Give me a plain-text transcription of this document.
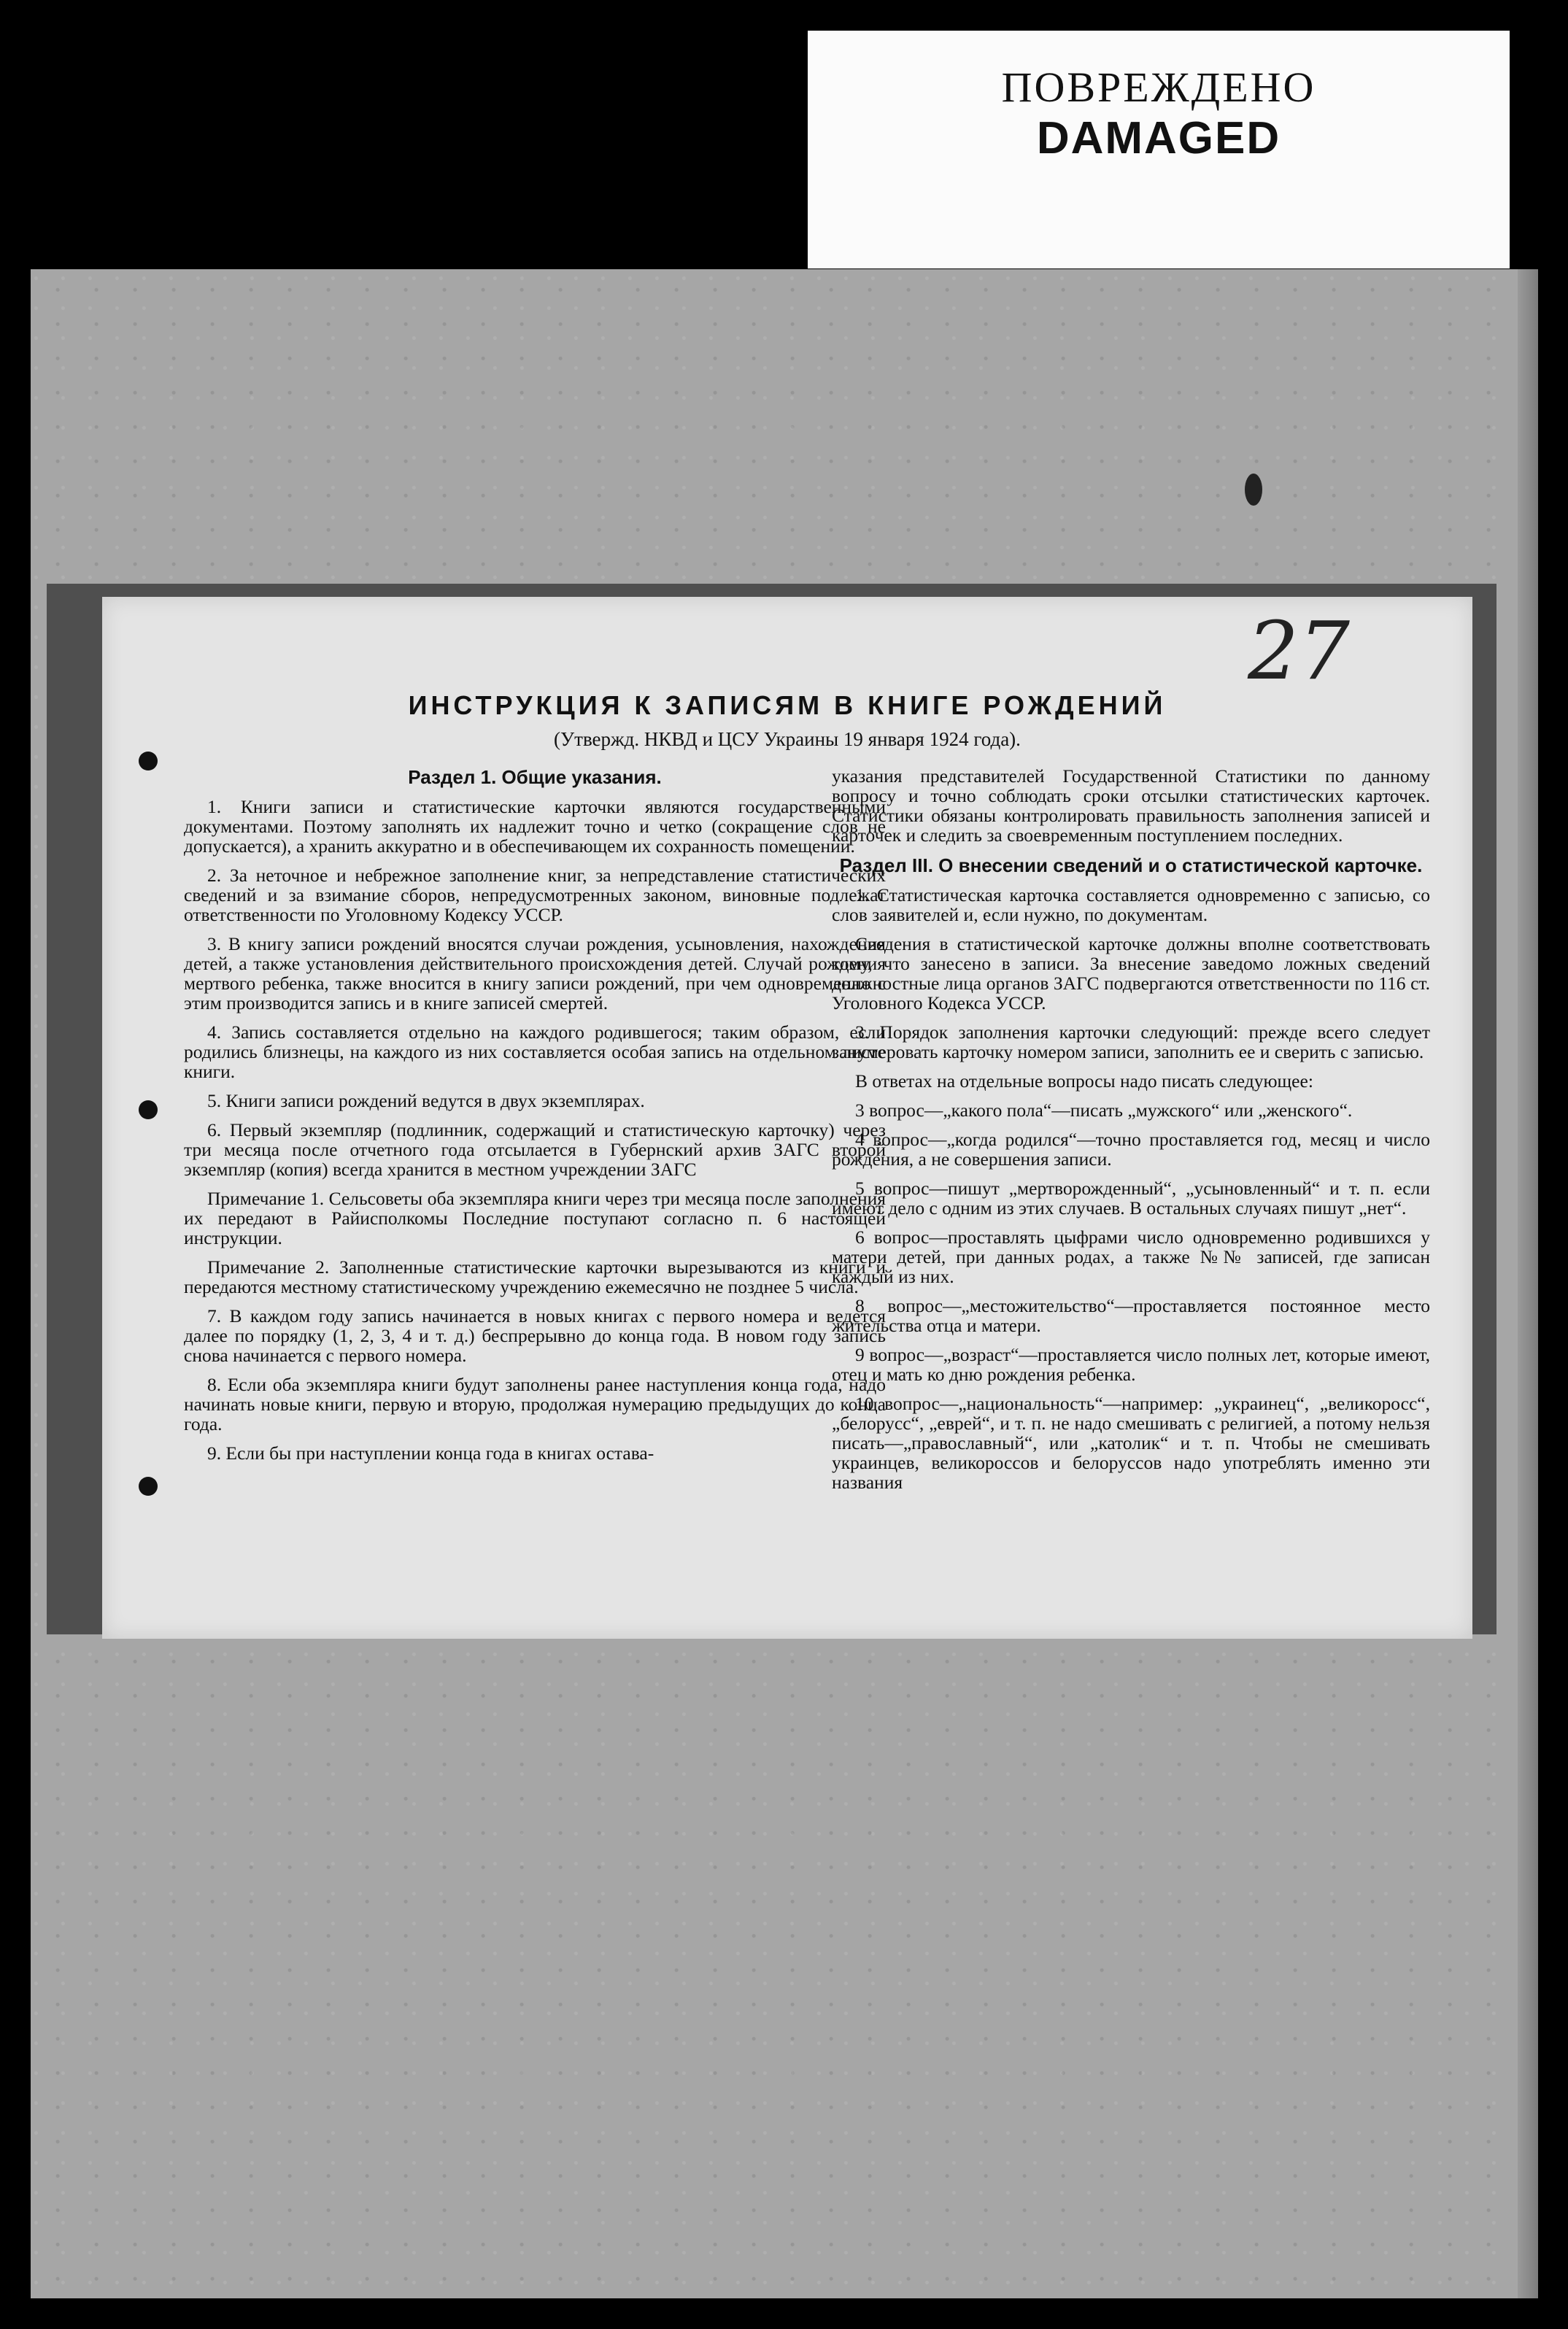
ПОВРЕЖДЕНО
DAMAGED
27
ИНСТРУКЦИЯ К ЗАПИСЯМ В КНИГЕ РОЖДЕНИЙ
(Утвержд. НКВД и ЦСУ Украины 19 января 1924 года).
Раздел 1. Общие указания.

1. Книги записи и статистические карточки являются государственными документами. Поэтому заполнять их надлежит точно и четко (сокращение слов не допускается), а хранить аккуратно и в обеспечивающем их сохранность помещении.

2. За неточное и небрежное заполнение книг, за непредставление статистических сведений и за взимание сборов, непредусмотренных законом, виновные подлежат ответственности по Уголовному Кодексу УССР.

3. В книгу записи рождений вносятся случаи рождения, усыновления, нахождения детей, а также установления действительного происхождения детей. Случай рождения мертвого ребенка, также вносится в книгу записи рождений, при чем одновременно с этим производится запись и в книге записей смертей.

4. Запись составляется отдельно на каждого родившегося; таким образом, если родились близнецы, на каждого из них составляется особая запись на отдельном листе книги.

5. Книги записи рождений ведутся в двух экземплярах.

6. Первый экземпляр (подлинник, содержащий и статистическую карточку) через три месяца после отчетного года отсылается в Губернский архив ЗАГС второй экземпляр (копия) всегда хранится в местном учреждении ЗАГС

Примечание 1. Сельсоветы оба экземпляра книги через три месяца после заполнения их передают в Райисполкомы Последние поступают согласно п. 6 настоящей инструкции.

Примечание 2. Заполненные статистические карточки вырезываются из книги и передаются местному статистическому учреждению ежемесячно не позднее 5 числа.

7. В каждом году запись начинается в новых книгах с первого номера и ведется далее по порядку (1, 2, 3, 4 и т. д.) беспрерывно до конца года. В новом году запись снова начинается с первого номера.

8. Если оба экземпляра книги будут заполнены ранее наступления конца года, надо начинать новые книги, первую и вторую, продолжая нумерацию предыдущих до конца года.

9. Если бы при наступлении конца года в книгах остава-

указания представителей Государственной Статистики по данному вопросу и точно соблюдать сроки отсылки статистических карточек. Статистики обязаны контролировать правильность заполнения записей и карточек и следить за своевременным поступлением последних.

Раздел III. О внесении сведений и о статистической карточке.

1. Статистическая карточка составляется одновременно с записью, со слов заявителей и, если нужно, по документам.

Сведения в статистической карточке должны вполне соответствовать тому, что занесено в записи. За внесение заведомо ложных сведений должностные лица органов ЗАГС подвергаются ответственности по 116 ст. Уголовного Кодекса УССР.

3. Порядок заполнения карточки следующий: прежде всего следует занумеровать карточку номером записи, заполнить ее и сверить с записью.

В ответах на отдельные вопросы надо писать следующее:

3 вопрос—„какого пола“—писать „мужского“ или „женского“.

4 вопрос—„когда родился“—точно проставляется год, месяц и число рождения, а не совершения записи.

5 вопрос—пишут „мертворожденный“, „усыновленный“ и т. п. если имеют дело с одним из этих случаев. В остальных случаях пишут „нет“.

6 вопрос—проставлять цыфрами число одновременно родившихся у матери детей, при данных родах, а также №№ записей, где записан каждый из них.

8 вопрос—„местожительство“—проставляется постоянное место жительства отца и матери.

9 вопрос—„возраст“—проставляется число полных лет, которые имеют, отец и мать ко дню рождения ребенка.

10 вопрос—„национальность“—например: „украинец“, „великоросс“, „белорусс“, „еврей“, и т. п. не надо смешивать с религией, а потому нельзя писать—„православный“, или „католик“ и т. п. Чтобы не смешивать украинцев, великороссов и белоруссов надо употреблять именно эти названия
